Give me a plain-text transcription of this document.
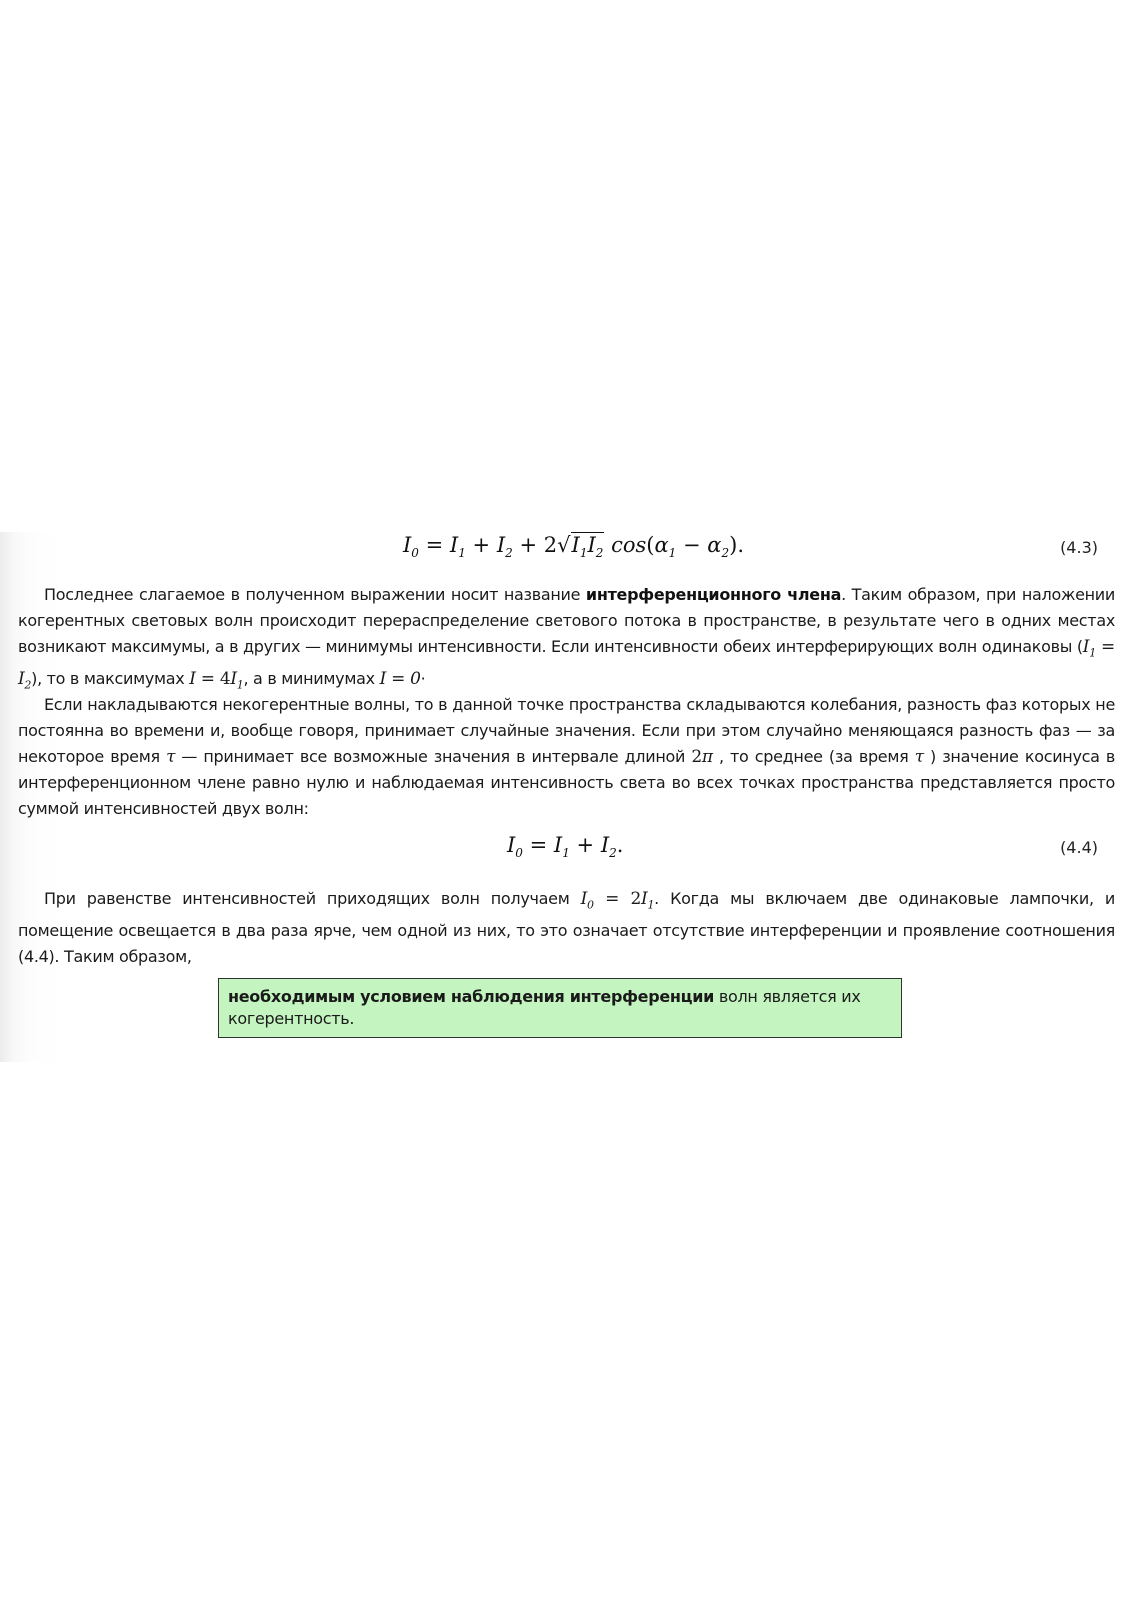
$I_0 = I_1 + I_2 + 2√I_1I_2$ $\cos(\alpha_1 - \alpha_2)$.	(4.3)
Последнее слагаемое в полученном выражении носит название интерференционного члена. Таким образом, при наложении когерентных световых волн происходит перераспределение светового потока в пространстве, в результате чего в одних местах возникают максимумы, а в других — минимумы интенсивности. Если интенсивности обеих интерферирующих волн одинаковы $(I_1 = I_2)$, то в максимумах $I = 4I_1$, а в минимумах I = 0·
Если накладываются некогерентные волны, то в данной точке пространства складываются колебания, разность фаз которых не постоянна во времени и, вообще говоря, принимает случайные значения. Если при этом случайно меняющаяся разность фаз — за некоторое время τ — принимает все возможные значения в интервале длиной 2π , то среднее (за время τ ) значение косинуса в интерференционном члене равно нулю и наблюдаемая интенсивность света во всех точках пространства представляется просто суммой интенсивностей двух волн:
$I_0 = I_1 + I_2$.	(4.4)
При равенстве интенсивностей приходящих волн получаем $I_0 = 2I_1$. Когда мы включаем две одинаковые лампочки, и помещение освещается в два раза ярче, чем одной из них, то это означает отсутствие интерференции и проявление соотношения (4.4). Таким образом,
необходимым условием наблюдения интерференции волн является их когерентность.
